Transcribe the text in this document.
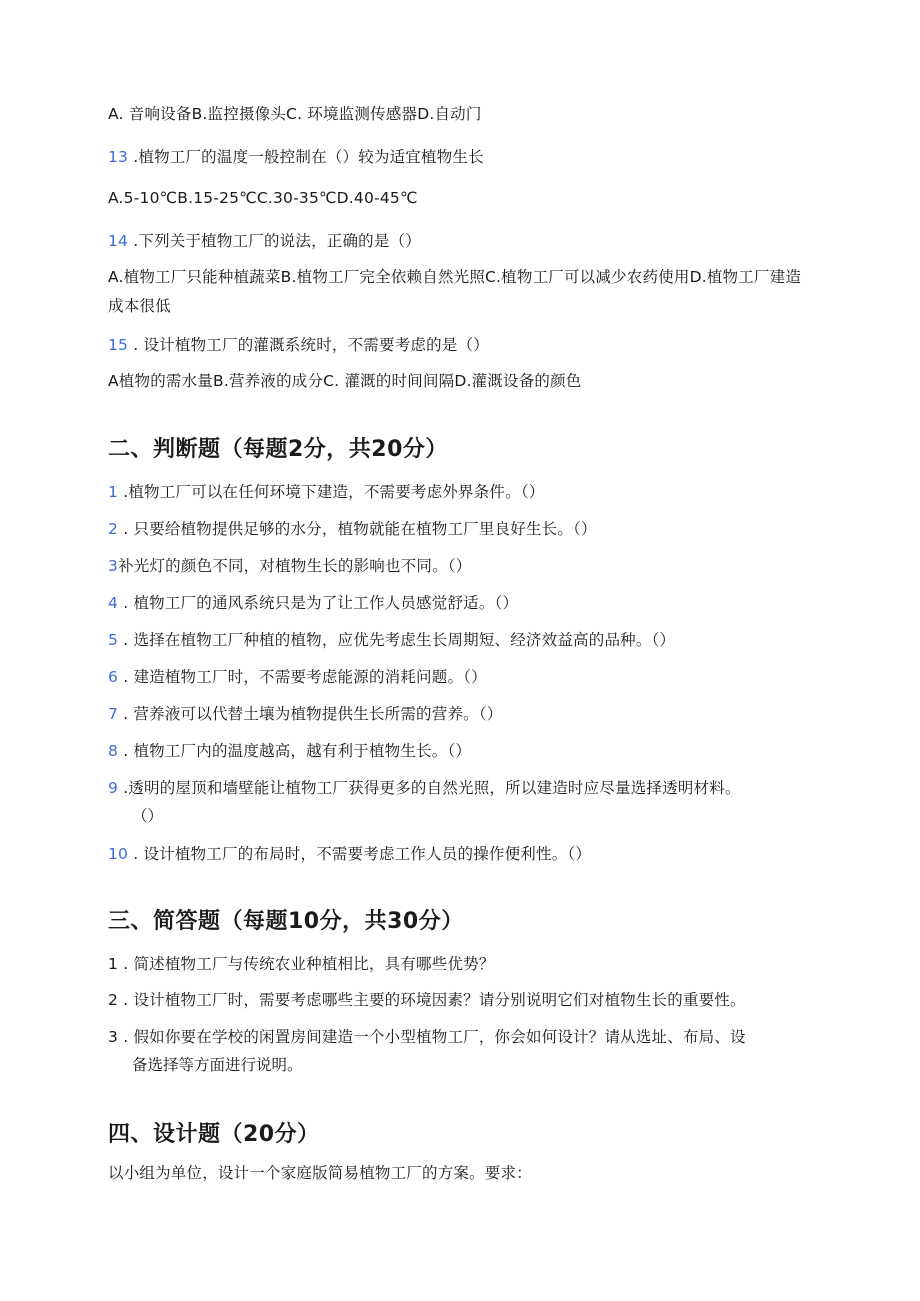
A. 音响设备B.监控摄像头C. 环境监测传感器D.自动门
13 .植物工厂的温度一般控制在（）较为适宜植物生长
A.5-10℃B.15-25℃C.30-35℃D.40-45℃
14 .下列关于植物工厂的说法，正确的是（）
A.植物工厂只能种植蔬菜B.植物工厂完全依赖自然光照C.植物工厂可以减少农药使用D.植物工厂建造成本很低
15 . 设计植物工厂的灌溉系统时，不需要考虑的是（）
A植物的需水量B.营养液的成分C. 灌溉的时间间隔D.灌溉设备的颜色
二、判断题（每题2分，共20分）
1 .植物工厂可以在任何环境下建造，不需要考虑外界条件。（）
2 . 只要给植物提供足够的水分，植物就能在植物工厂里良好生长。（）
3补光灯的颜色不同，对植物生长的影响也不同。（）
4 . 植物工厂的通风系统只是为了让工作人员感觉舒适。（）
5 . 选择在植物工厂种植的植物，应优先考虑生长周期短、经济效益高的品种。（）
6 . 建造植物工厂时，不需要考虑能源的消耗问题。（）
7 . 营养液可以代替土壤为植物提供生长所需的营养。（）
8 . 植物工厂内的温度越高，越有利于植物生长。（）
9 .透明的屋顶和墙壁能让植物工厂获得更多的自然光照，所以建造时应尽量选择透明材料。
（）
10 . 设计植物工厂的布局时，不需要考虑工作人员的操作便利性。（）
三、简答题（每题10分，共30分）
1 . 简述植物工厂与传统农业种植相比，具有哪些优势？
2 . 设计植物工厂时，需要考虑哪些主要的环境因素？请分别说明它们对植物生长的重要性。
3 . 假如你要在学校的闲置房间建造一个小型植物工厂，你会如何设计？请从选址、布局、设
备选择等方面进行说明。
四、设计题（20分）
以小组为单位，设计一个家庭版简易植物工厂的方案。要求：
